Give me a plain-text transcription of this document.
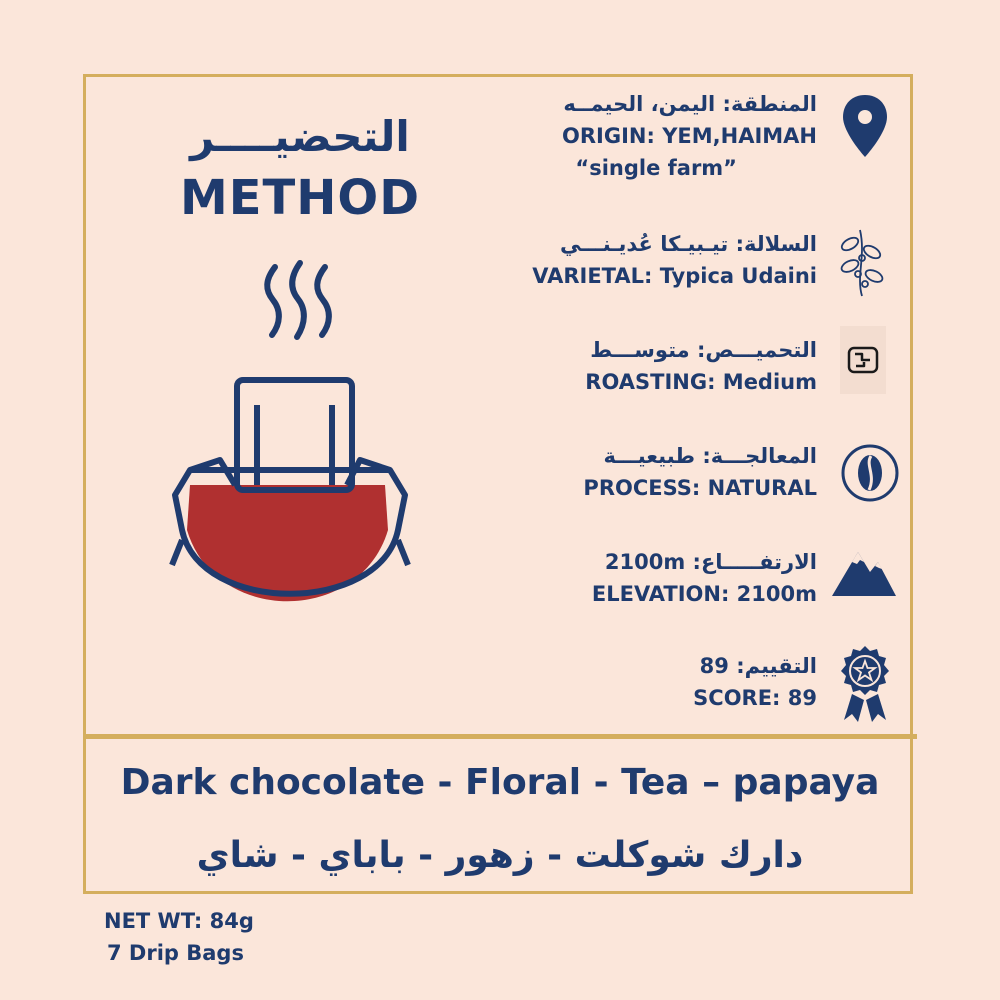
التحضيــــر
METHOD
المنطقة: اليمن، الحيمــه
ORIGIN: YEM,HAIMAH
“single farm”
السلالة: تيـبيـكا عُديـنـــي
VARIETAL: Typica Udaini
التحميـــص: متوســـط
ROASTING: Medium
المعالجـــة: طبيعيـــة
PROCESS: NATURAL
الارتفـــــاع: 2100m
ELEVATION: 2100m
التقييم: 89
SCORE: 89
Dark chocolate - Floral - Tea – papaya
دارك شوكلت - زهور - باباي - شاي
NET WT: 84g
7 Drip Bags
